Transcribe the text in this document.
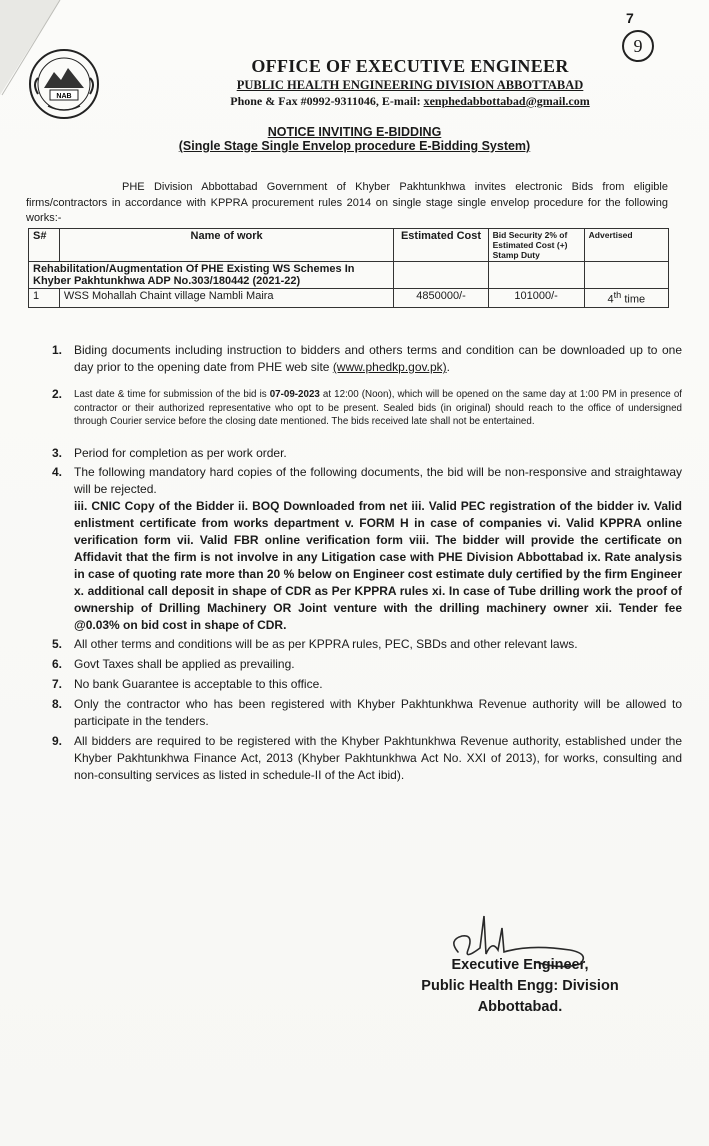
7
9
NAB
OFFICE OF EXECUTIVE ENGINEER
PUBLIC HEALTH ENGINEERING DIVISION ABBOTTABAD
Phone & Fax #0992-9311046, E-mail: xenphedabbottabad@gmail.com
NOTICE INVITING E-BIDDING
(Single Stage Single Envelop procedure E-Bidding System)
PHE Division Abbottabad Government of Khyber Pakhtunkhwa invites electronic Bids from eligible firms/contractors in accordance with KPPRA procurement rules 2014 on single stage single envelop procedure for the following works:-
S#	Name of work	Estimated Cost	Bid Security 2% of Estimated Cost (+) Stamp Duty	Advertised
Rehabilitation/Augmentation Of PHE Existing WS Schemes In Khyber Pakhtunkhwa ADP No.303/180442 (2021-22)				
1	WSS Mohallah Chaint village Nambli Maira	4850000/-	101000/-	4th time
1. Biding documents including instruction to bidders and others terms and condition can be downloaded up to one day prior to the opening date from PHE web site (www.phedkp.gov.pk).
2. Last date & time for submission of the bid is 07-09-2023 at 12:00 (Noon), which will be opened on the same day at 1:00 PM in presence of contractor or their authorized representative who opt to be present. Sealed bids (in original) should reach to the office of undersigned through Courier service before the closing date mentioned. The bids received late shall not be entertained.
3. Period for completion as per work order.
4. The following mandatory hard copies of the following documents, the bid will be non-responsive and straightaway will be rejected.
iii. CNIC Copy of the Bidder ii. BOQ Downloaded from net iii. Valid PEC registration of the bidder iv. Valid enlistment certificate from works department v. FORM H in case of companies vi. Valid KPPRA online verification form vii. Valid FBR online verification form viii. The bidder will provide the certificate on Affidavit that the firm is not involve in any Litigation case with PHE Division Abbottabad ix. Rate analysis in case of quoting rate more than 20 % below on Engineer cost estimate duly certified by the firm Engineer x. additional call deposit in shape of CDR as Per KPPRA rules xi. In case of Tube drilling work the proof of ownership of Drilling Machinery OR Joint venture with the drilling machinery owner xii. Tender fee @0.03% on bid cost in shape of CDR.
5. All other terms and conditions will be as per KPPRA rules, PEC, SBDs and other relevant laws.
6. Govt Taxes shall be applied as prevailing.
7. No bank Guarantee is acceptable to this office.
8. Only the contractor who has been registered with Khyber Pakhtunkhwa Revenue authority will be allowed to participate in the tenders.
9. All bidders are required to be registered with the Khyber Pakhtunkhwa Revenue authority, established under the Khyber Pakhtunkhwa Finance Act, 2013 (Khyber Pakhtunkhwa Act No. XXI of 2013), for works, consulting and non-consulting services as listed in schedule-II of the Act ibid).
Executive Engineer,
Public Health Engg: Division
Abbottabad.
